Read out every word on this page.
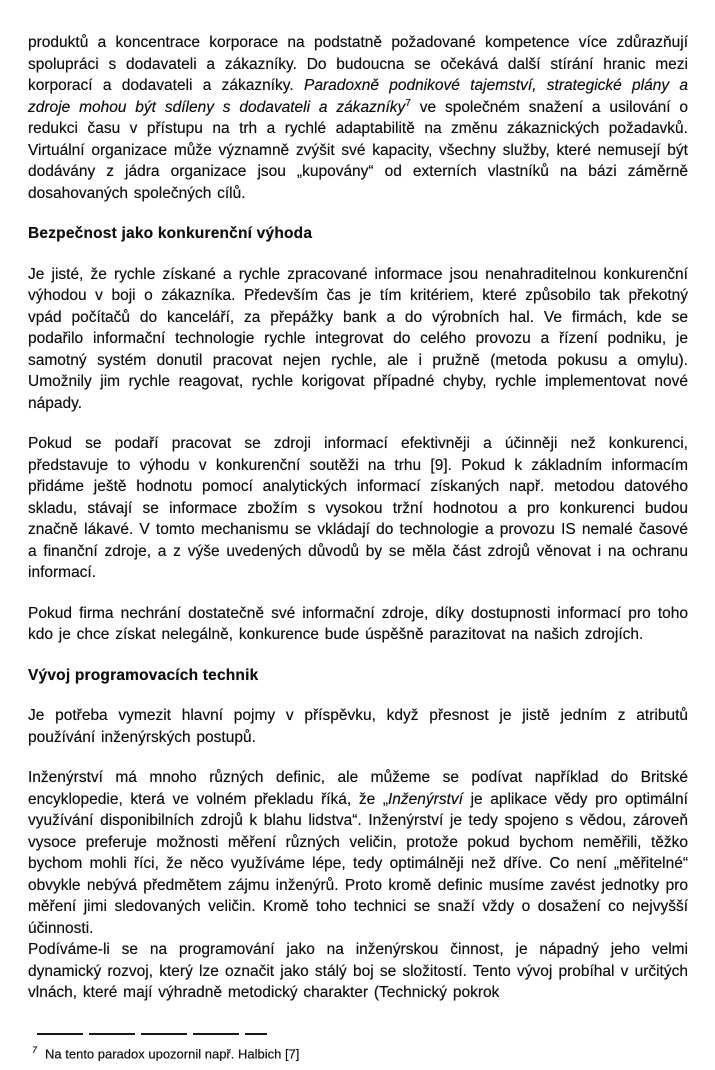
produktů a koncentrace korporace na podstatně požadované kompetence více zdůrazňují spolupráci s dodavateli a zákazníky. Do budoucna se očekává další stírání hranic mezi korporací a dodavateli a zákazníky. Paradoxně podnikové tajemství, strategické plány a zdroje mohou být sdíleny s dodavateli a zákazníky$^7$ ve společném snažení a usilování o redukci času v přístupu na trh a rychlé adaptabilitě na změnu zákaznických požadavků. Virtuální organizace může významně zvýšit své kapacity, všechny služby, které nemusejí být dodávány z jádra organizace jsou „kupovány“ od externích vlastníků na bázi záměrně dosahovaných společných cílů.

Bezpečnost jako konkurenční výhoda

Je jisté, že rychle získané a rychle zpracované informace jsou nenahraditelnou konkurenční výhodou v boji o zákazníka. Především čas je tím kritériem, které způsobilo tak překotný vpád počítačů do kanceláří, za přepážky bank a do výrobních hal. Ve firmách, kde se podařilo informační technologie rychle integrovat do celého provozu a řízení podniku, je samotný systém donutil pracovat nejen rychle, ale i pružně (metoda pokusu a omylu). Umožnily jim rychle reagovat, rychle korigovat případné chyby, rychle implementovat nové nápady.

Pokud se podaří pracovat se zdroji informací efektivněji a účinněji než konkurenci, představuje to výhodu v konkurenční soutěži na trhu [9]. Pokud k základním informacím přidáme ještě hodnotu pomocí analytických informací získaných např. metodou datového skladu, stávají se informace zbožím s vysokou tržní hodnotou a pro konkurenci budou značně lákavé. V tomto mechanismu se vkládají do technologie a provozu IS nemalé časové a finanční zdroje, a z výše uvedených důvodů by se měla část zdrojů věnovat i na ochranu informací.

Pokud firma nechrání dostatečně své informační zdroje, díky dostupnosti informací pro toho kdo je chce získat nelegálně, konkurence bude úspěšně parazitovat na našich zdrojích.

Vývoj programovacích technik

Je potřeba vymezit hlavní pojmy v příspěvku, když přesnost je jistě jedním z atributů používání inženýrských postupů.

Inženýrství má mnoho různých definic, ale můžeme se podívat například do Britské encyklopedie, která ve volném překladu říká, že „Inženýrství je aplikace vědy pro optimální využívání disponibilních zdrojů k blahu lidstva“. Inženýrství je tedy spojeno s vědou, zároveň vysoce preferuje možnosti měření různých veličin, protože pokud bychom neměřili, těžko bychom mohli říci, že něco využíváme lépe, tedy optimálněji než dříve. Co není „měřitelné“ obvykle nebývá předmětem zájmu inženýrů. Proto kromě definic musíme zavést jednotky pro měření jimi sledovaných veličin. Kromě toho technici se snaží vždy o dosažení co nejvyšší účinnosti.

Podíváme-li se na programování jako na inženýrskou činnost, je nápadný jeho velmi dynamický rozvoj, který lze označit jako stálý boj se složitostí. Tento vývoj probíhal v určitých vlnách, které mají výhradně metodický charakter (Technický pokrok

$^7$ Na tento paradox upozornil např. Halbich [7]
